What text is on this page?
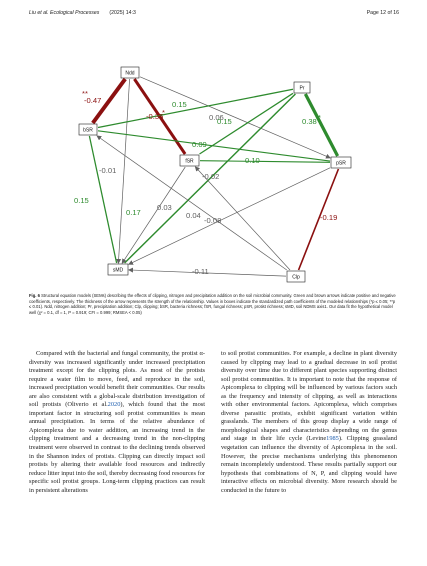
Liu et al. Ecological Processes (2025) 14:3	Page 12 of 16
Ndd
Pr
bSR
fSR	pSR
sMD
Clp
-0.47
**
-0.35
*
0.06
-0.01
0.15
0.15	0.38 *
0.17
0.09
0.15
0.10
-0.02
-0.08	-0.19
-0.11
0.03
0.04
Fig. 6 Structural equation models (SEMs) describing the effects of clipping, nitrogen and precipitation addition on the soil microbial community. Green and brown arrows indicate positive and negative coefficients, respectively. The thickness of the arrow represents the strength of the relationship. Values in boxes indicate the standardized path coefficients of the modeled relationships (*p ≤ 0.05; **p ≤ 0.01). Ndd, nitrogen addition; Pr, precipitation addition; Clp, clipping; bSR, bacteria richness; fSR, fungal richness; pSR, protist richness; sMD, soil NDMS axis1. Our data fit the hypothetical model well (χ² = 0.1, df = 1, P = 0.919; CFI = 0.999; RMSEA < 0.05)
Compared with the bacterial and fungal community, the protist α-diversity was increased significantly under increased precipitation treatment except for the clipping plots. As most of the protists require a water film to move, feed, and reproduce in the soil, increased precipitation would benefit their communities. Our results are also consistent with a global-scale distribution investigation of soil protists (Oliverio et al.2020), which found that the most important factor in structuring soil protist communities is mean annual precipitation. In terms of the relative abundance of Apicomplexa due to water addition, an increasing trend in the clipping treatment and a decreasing trend in the non-clipping treatment were observed in contrast to the declining trends observed in the Shannon index of protists. Clipping can directly impact soil protists by altering their available food resources and indirectly reduce litter input into the soil, thereby decreasing food resources for specific soil protist groups. Long-term clipping practices can result in persistent alterations
to soil protist communities. For example, a decline in plant diversity caused by clipping may lead to a gradual decrease in soil protist diversity over time due to different plant species supporting distinct soil protist communities. It is important to note that the response of Apicomplexa to clipping will be influenced by various factors such as the frequency and intensity of clipping, as well as interactions with other environmental factors. Apicomplexa, which comprises diverse parasitic protists, exhibit significant variation within grasslands. The members of this group display a wide range of morphological shapes and characteristics depending on the genus and stage in their life cycle (Levine1985). Clipping grassland vegetation can influence the diversity of Apicomplexa in the soil. However, the precise mechanisms underlying this phenomenon remain incompletely understood. These results partially support our hypothesis that combinations of N, P, and clipping would have interactive effects on microbial diversity. More research should be conducted in the future to
